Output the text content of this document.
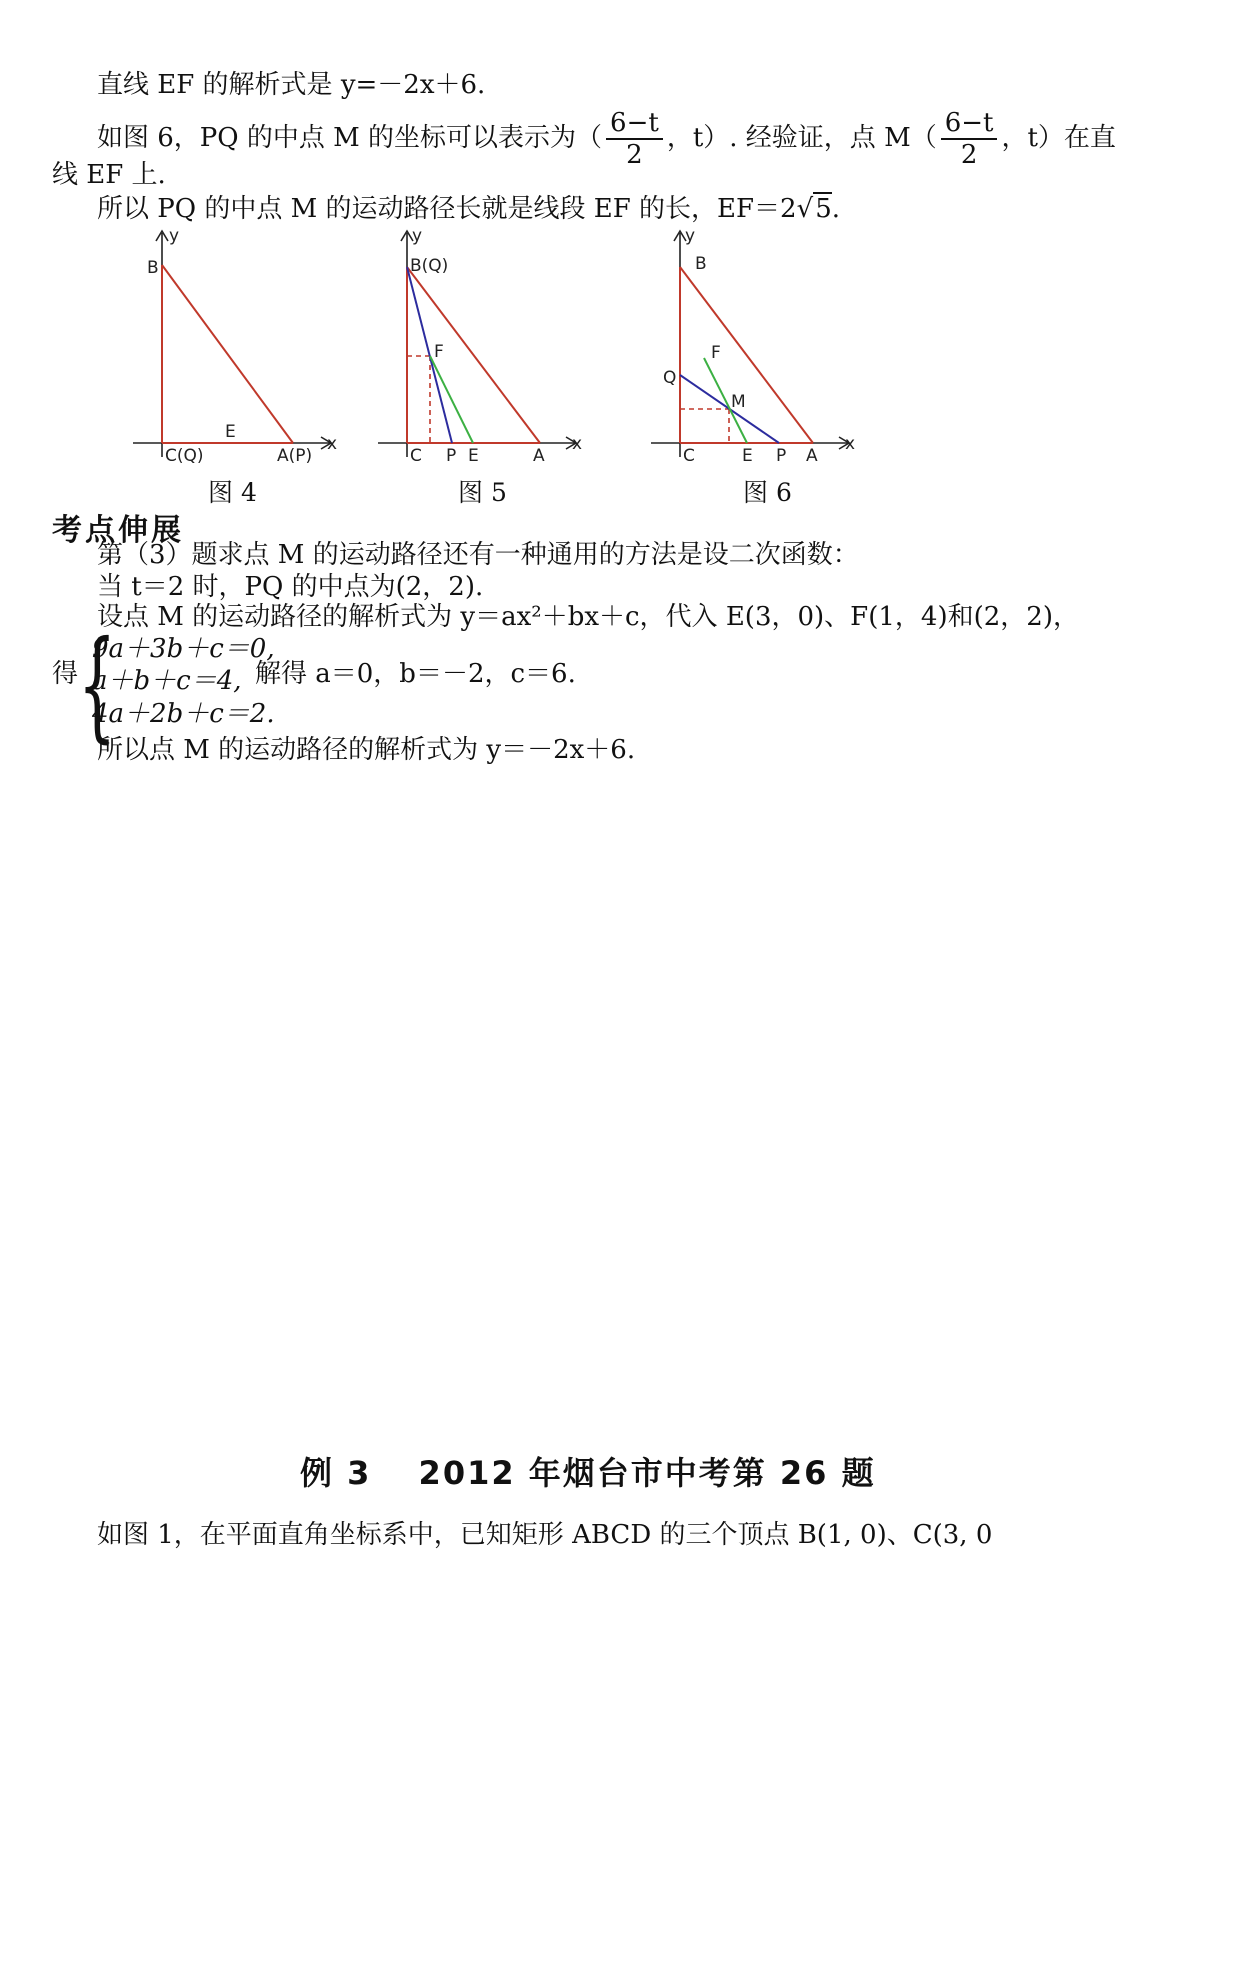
直线 EF 的解析式是 y=－2x＋6.
如图 6，PQ 的中点 M 的坐标可以表示为（ $\frac{6-t}{2}$ ，t）. 经验证，点 $M( \frac{6-t}{2}$ ，t）在直
线 EF 上.
所以 PQ 的中点 M 的运动路径长就是线段 EF 的长，EF＝2√5.
y
x
B
E
C(Q)	A(P)
图 4
y
x
B(Q)
F
C P E	A
图 5
y
x
B
F
Q
M
C	E P A
图 6
考点伸展
第（3）题求点 M 的运动路径还有一种通用的方法是设二次函数：
当 t＝2 时，PQ 的中点为(2，2).
设点 M 的运动路径的解析式为 y＝ax²＋bx＋c，代入 E(3，0)、F(1，4)和(2，2)，
得 {
9a＋3b＋c＝0,
a＋b＋c＝4,
4a＋2b＋c＝2.
解得 a＝0，b＝－2，c＝6.
所以点 M 的运动路径的解析式为 y＝－2x＋6.
例 3　 2012 年烟台市中考第 26 题
如图 1，在平面直角坐标系中，已知矩形 ABCD 的三个顶点 B(1, 0)、C(3, 0
